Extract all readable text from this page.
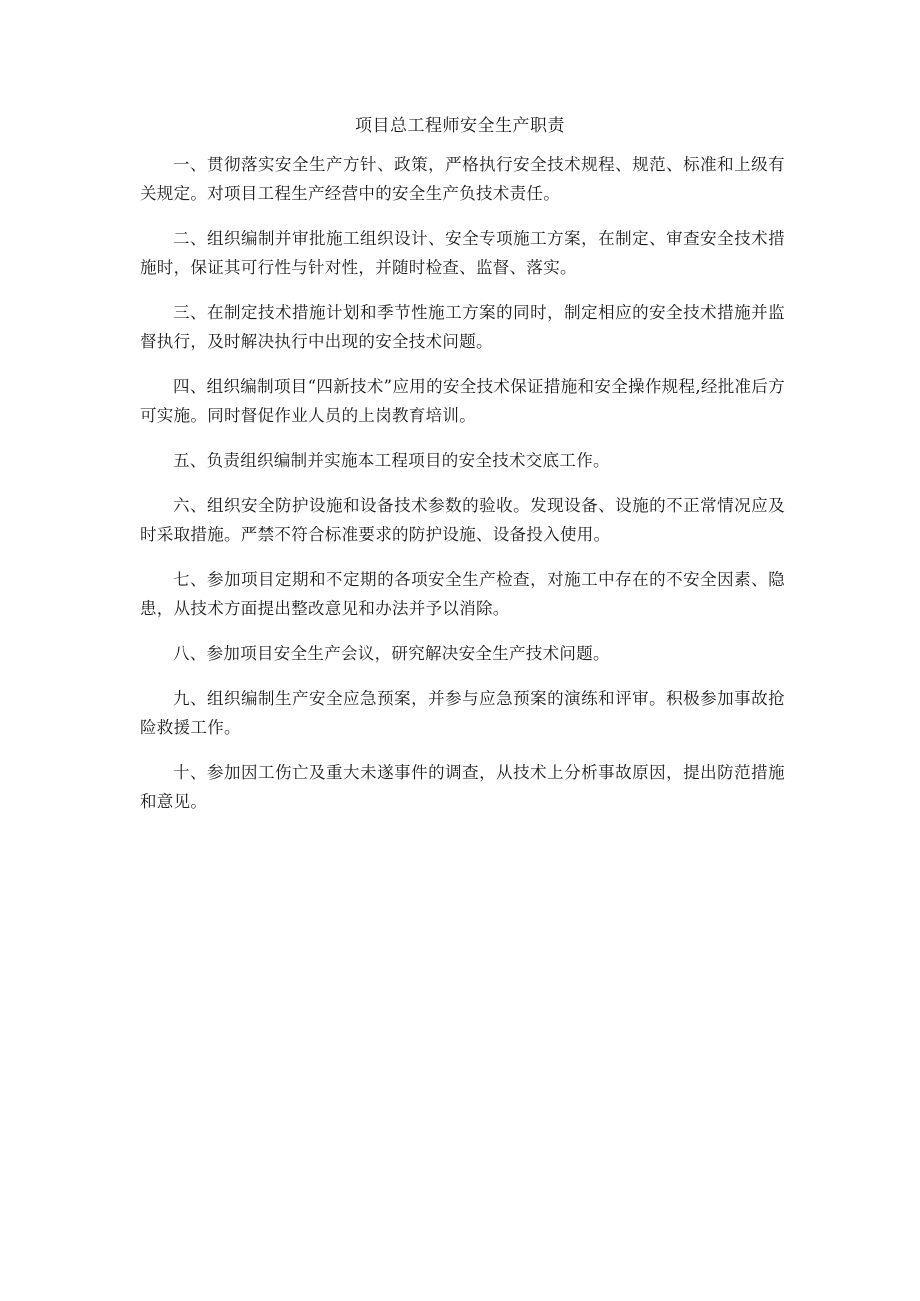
项目总工程师安全生产职责

一、贯彻落实安全生产方针、政策，严格执行安全技术规程、规范、标准和上级有关规定。对项目工程生产经营中的安全生产负技术责任。

二、组织编制并审批施工组织设计、安全专项施工方案，在制定、审查安全技术措施时，保证其可行性与针对性，并随时检查、监督、落实。

三、在制定技术措施计划和季节性施工方案的同时，制定相应的安全技术措施并监督执行，及时解决执行中出现的安全技术问题。

四、组织编制项目“四新技术”应用的安全技术保证措施和安全操作规程,经批准后方可实施。同时督促作业人员的上岗教育培训。

五、负责组织编制并实施本工程项目的安全技术交底工作。

六、组织安全防护设施和设备技术参数的验收。发现设备、设施的不正常情况应及时采取措施。严禁不符合标准要求的防护设施、设备投入使用。

七、参加项目定期和不定期的各项安全生产检查，对施工中存在的不安全因素、隐患，从技术方面提出整改意见和办法并予以消除。

八、参加项目安全生产会议，研究解决安全生产技术问题。

九、组织编制生产安全应急预案，并参与应急预案的演练和评审。积极参加事故抢险救援工作。

十、参加因工伤亡及重大未遂事件的调查，从技术上分析事故原因，提出防范措施和意见。
